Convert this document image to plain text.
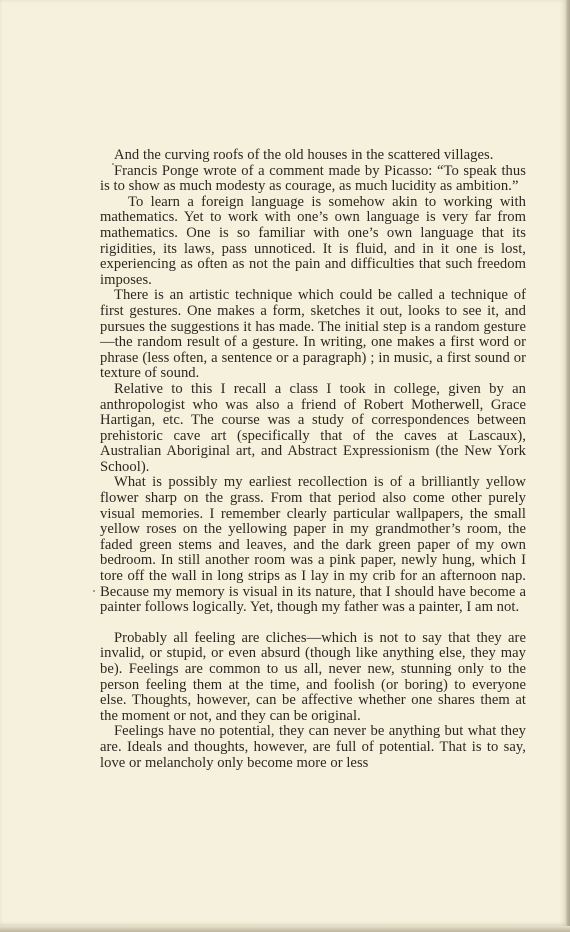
And the curving roofs of the old houses in the scattered villages.

Francis Ponge wrote of a comment made by Picasso: “To speak thus is to show as much modesty as courage, as much lucidity as ambition.”

To learn a foreign language is somehow akin to working with mathematics. Yet to work with one’s own language is very far from mathematics. One is so familiar with one’s own language that its rigidities, its laws, pass unnoticed. It is fluid, and in it one is lost, experiencing as often as not the pain and difficulties that such freedom imposes.

There is an artistic technique which could be called a technique of first gestures. One makes a form, sketches it out, looks to see it, and pursues the suggestions it has made. The initial step is a random gesture—the random result of a gesture. In writing, one makes a first word or phrase (less often, a sentence or a paragraph) ; in music, a first sound or texture of sound.

Relative to this I recall a class I took in college, given by an anthropologist who was also a friend of Robert Motherwell, Grace Hartigan, etc. The course was a study of correspondences between prehistoric cave art (specifically that of the caves at Lascaux), Australian Aboriginal art, and Abstract Expressionism (the New York School).

What is possibly my earliest recollection is of a brilliantly yellow flower sharp on the grass. From that period also come other purely visual memories. I remember clearly particular wallpapers, the small yellow roses on the yellowing paper in my grandmother’s room, the faded green stems and leaves, and the dark green paper of my own bedroom. In still another room was a pink paper, newly hung, which I tore off the wall in long strips as I lay in my crib for an afternoon nap. Because my memory is visual in its nature, that I should have become a painter follows logically. Yet, though my father was a painter, I am not.

Probably all feeling are cliches—which is not to say that they are invalid, or stupid, or even absurd (though like anything else, they may be). Feelings are common to us all, never new, stunning only to the person feeling them at the time, and foolish (or boring) to everyone else. Thoughts, however, can be affective whether one shares them at the moment or not, and they can be original.

Feelings have no potential, they can never be anything but what they are. Ideals and thoughts, however, are full of potential. That is to say, love or melancholy only become more or less
